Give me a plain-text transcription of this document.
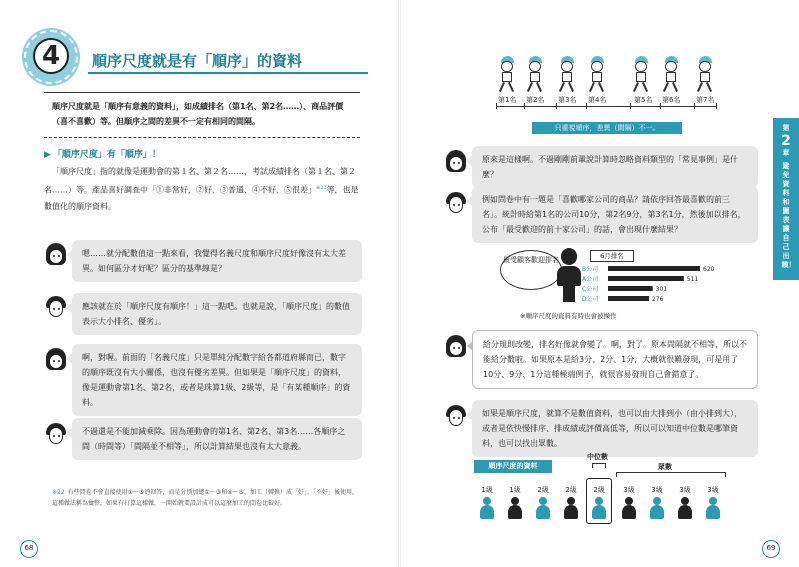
4	順序尺度就是有「順序」的資料
順序尺度就是「順序有意義的資料」，如成績排名（第1名、第2名……）、商品評價（喜不喜歡）等。但順序之間的差異不一定有相同的間隔。
▶ 「順序尺度」有「順序」！
「順序尺度」指的就像是運動會的第１名、第２名……，考試成績排名（第１名、第２名……）等。產品喜好調查中「①非常好，②好、③普通、④不好、⑤很差」$^{※22}$等，也是數值化的順序資料。
嗯……就分配數值這一點來看，我覺得名義尺度和順序尺度好像沒有太大差異。如何區分才好呢？區分的基準線是？
應該就在於「順序尺度有順序！」這一點吧。也就是說，「順序尺度」的數值表示大小排名、優劣」。
啊，對喔。前面的「名義尺度」只是單純分配數字給各都道府縣而已，數字的順序既沒有大小關係，也沒有優劣差異。但如果是「順序尺度」的資料，像是運動會第1名、第2名，或者是珠算1級、2級等，是「有某種順序」的資料。
不過還是不能加減乘除。因為運動會的第1名、第2名、第3名……各順序之間（時間等）「間隔並不相等」，所以計算結果也沒有太大意義。
※22 有些問卷不會直接使用①～⑤的回答，而是分別加總①～③和④～⑤，加工（轉換）成「好」、「不好」後使用，這種做法稱為彙整。如果有打算這樣做，一開始就要設計成可以這麼加工的問卷比較好。
68
第1名 第2名 第3名 第4名	第5名 第6名 第7名
只重視順序，差異（間隔）不一。
原來是這樣啊。不過剛剛前輩說計算時忽略資料類型的「常見事例」是什麼？
例如問卷中有一題是「喜歡哪家公司的商品？請依序回答最喜歡的前三名」。統計時給第1名的公司10分，第2名9分，第3名1分，然後加以排名，公布「最受歡迎的前十家公司」的話，會出現什麼結果？
最受顧客歡迎排名	6月排名
B公司	620
A公司	511
C公司	301
D公司	276
※順序尺度的資料有時也會被操作
給分規則改變，排名好像就會變了。啊，對了。原本間隔就不相等，所以不能給分數啦。如果原本是給3分、2分、1分，大概就很難發現，可是用了10分、9分、1分這種極端例子，就很容易發現自己會錯意了。
如果是順序尺度，就算不是數值資料，也可以由大排到小（由小排到大），或者是依快慢排序、排成績或評價高低等，所以可以知道中位數是哪筆資料，也可以找出眾數。
順序尺度的資料
中位數
眾數
1級	1級	2級	2級	2級	3級	3級	3級	3級
第
2
章
避免資料和圖表讓自己出糗！
69
